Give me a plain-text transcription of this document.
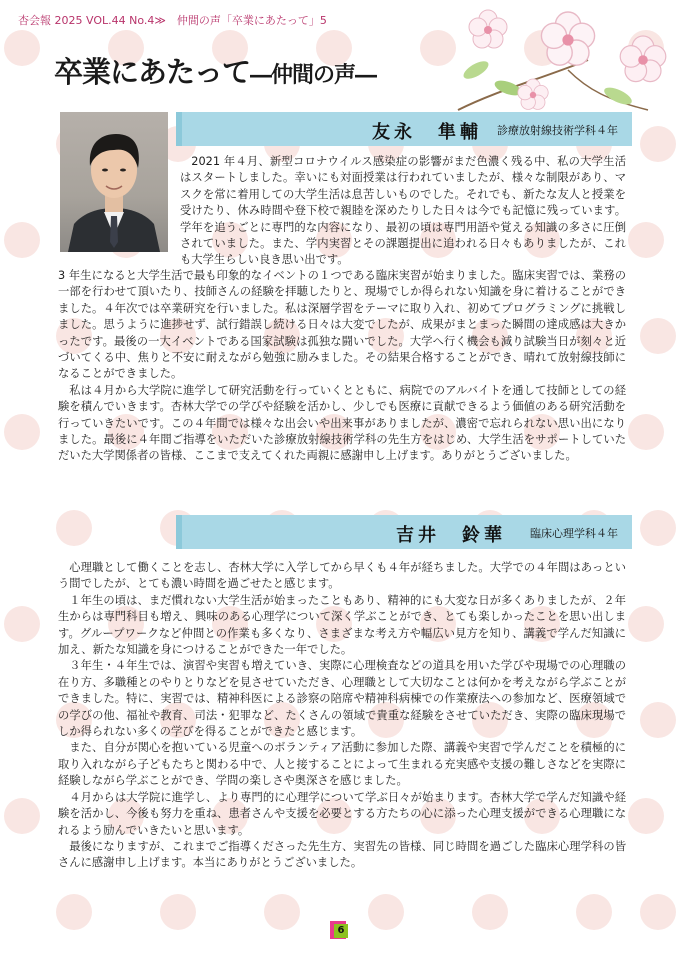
杏会報 2025 VOL.44 No.4≫　仲間の声「卒業にあたって」5
卒業にあたって―仲間の声―
友永　隼輔 診療放射線技術学科４年

2021 年４月、新型コロナウイルス感染症の影響がまだ色濃く残る中、私の大学生活はスタートしました。幸いにも対面授業は行われていましたが、様々な制限があり、マスクを常に着用しての大学生活は息苦しいものでした。それでも、新たな友人と授業を受けたり、休み時間や登下校で親睦を深めたりした日々は今でも記憶に残っています。学年を追うごとに専門的な内容になり、最初の頃は専門用語や覚える知識の多さに圧倒されていました。また、学内実習とその課題提出に追われる日々もありましたが、これも大学生らしい良き思い出です。

3 年生になると大学生活で最も印象的なイベントの１つである臨床実習が始まりました。臨床実習では、業務の一部を行わせて頂いたり、技師さんの経験を拝聴したりと、現場でしか得られない知識を身に着けることができました。４年次では卒業研究を行いました。私は深層学習をテーマに取り入れ、初めてプログラミングに挑戦しました。思うように進捗せず、試行錯誤し続ける日々は大変でしたが、成果がまとまった瞬間の達成感は大きかったです。最後の一大イベントである国家試験は孤独な闘いでした。大学へ行く機会も減り試験当日が刻々と近づいてくる中、焦りと不安に耐えながら勉強に励みました。その結果合格することができ、晴れて放射線技師になることができました。

私は４月から大学院に進学して研究活動を行っていくとともに、病院でのアルバイトを通して技師としての経験を積んでいきます。杏林大学での学びや経験を活かし、少しでも医療に貢献できるよう価値のある研究活動を行っていきたいです。この４年間では様々な出会いや出来事がありましたが、濃密で忘れられない思い出になりました。最後に４年間ご指導をいただいた診療放射線技術学科の先生方をはじめ、大学生活をサポートしていただいた大学関係者の皆様、ここまで支えてくれた両親に感謝申し上げます。ありがとうございました。

吉井　鈴華 臨床心理学科４年

心理職として働くことを志し、杏林大学に入学してから早くも４年が経ちました。大学での４年間はあっという間でしたが、とても濃い時間を過ごせたと感じます。

１年生の頃は、まだ慣れない大学生活が始まったこともあり、精神的にも大変な日が多くありましたが、２年生からは専門科目も増え、興味のある心理学について深く学ぶことができ、とても楽しかったことを思い出します。グループワークなど仲間との作業も多くなり、さまざまな考え方や幅広い見方を知り、講義で学んだ知識に加え、新たな知識を身につけることができた一年でした。

３年生・４年生では、演習や実習も増えていき、実際に心理検査などの道具を用いた学びや現場での心理職の在り方、多職種とのやりとりなどを見させていただき、心理職として大切なことは何かを考えながら学ぶことができました。特に、実習では、精神科医による診察の陪席や精神科病棟での作業療法への参加など、医療領域での学びの他、福祉や教育、司法・犯罪など、たくさんの領域で貴重な経験をさせていただき、実際の臨床現場でしか得られない多くの学びを得ることができたと感じます。

また、自分が関心を抱いている児童へのボランティア活動に参加した際、講義や実習で学んだことを積極的に取り入れながら子どもたちと関わる中で、人と接することによって生まれる充実感や支援の難しさなどを実際に経験しながら学ぶことができ、学問の楽しさや奥深さを感じました。

４月からは大学院に進学し、より専門的に心理学について学ぶ日々が始まります。杏林大学で学んだ知識や経験を活かし、今後も努力を重ね、患者さんや支援を必要とする方たちの心に添った心理支援ができる心理職になれるよう励んでいきたいと思います。

最後になりますが、これまでご指導くださった先生方、実習先の皆様、同じ時間を過ごした臨床心理学科の皆さんに感謝申し上げます。本当にありがとうございました。

6
